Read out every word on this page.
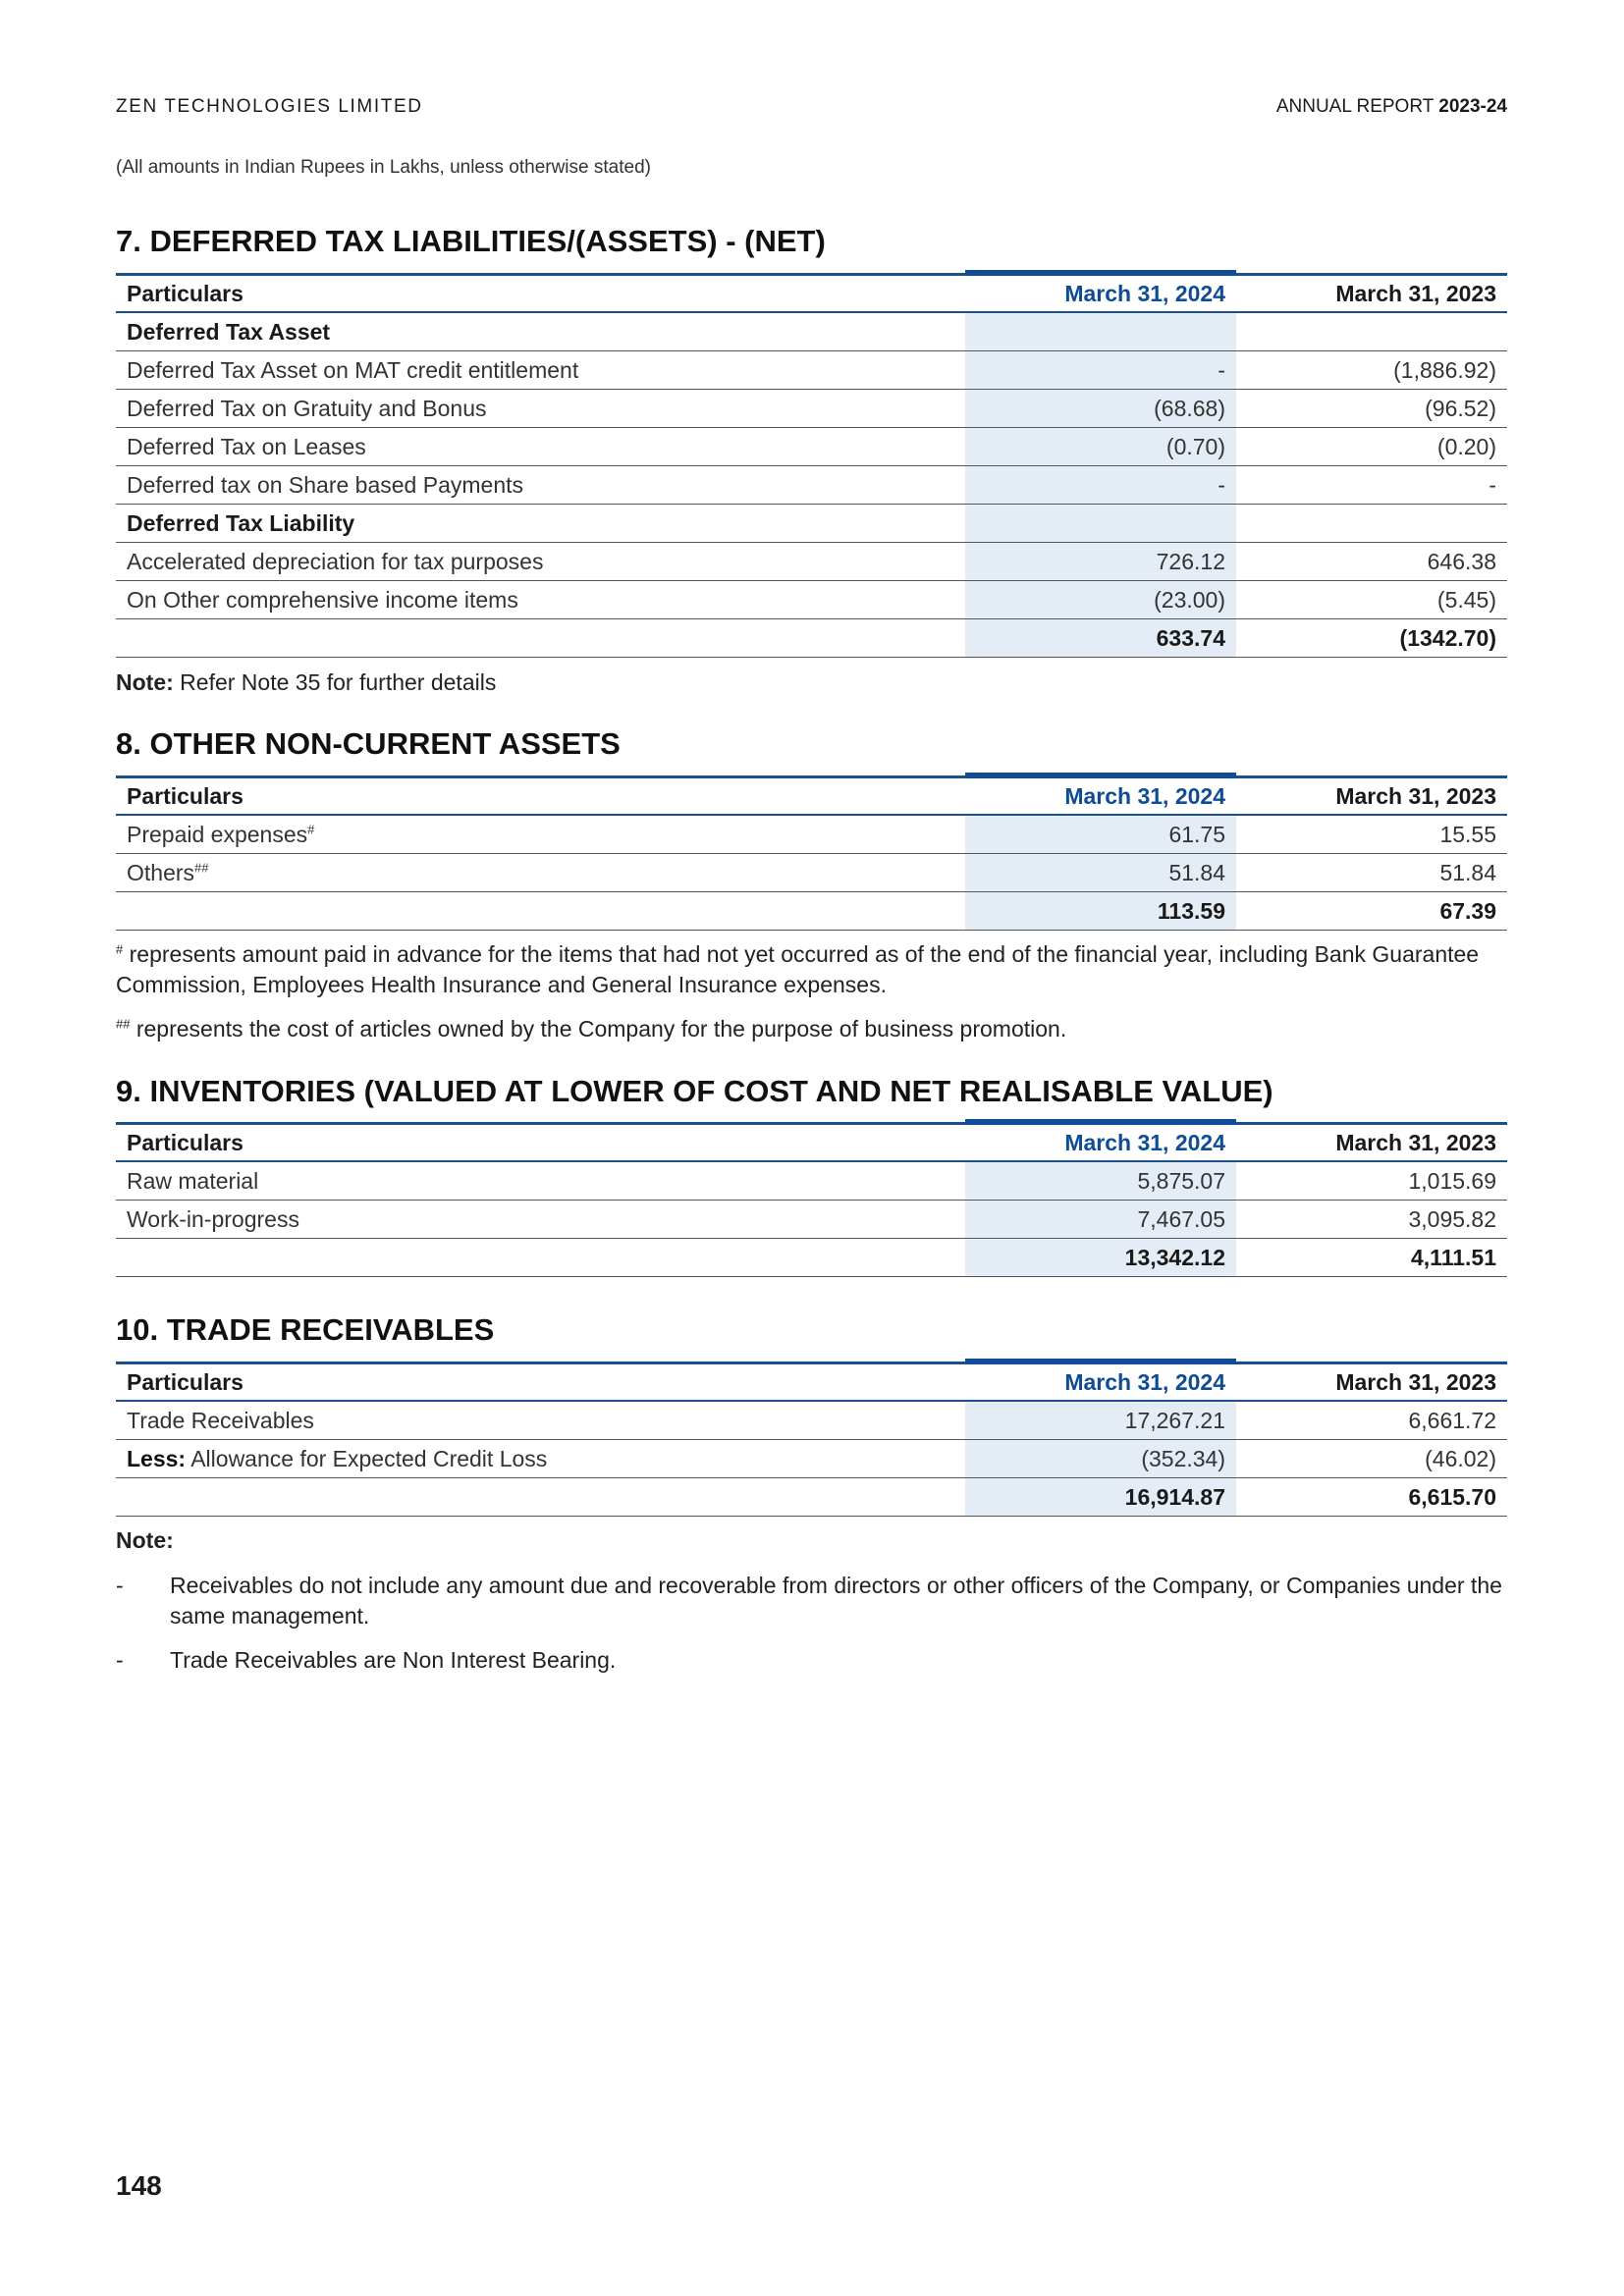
ZEN TECHNOLOGIES LIMITED	ANNUAL REPORT 2023-24
(All amounts in Indian Rupees in Lakhs, unless otherwise stated)
7. DEFERRED TAX LIABILITIES/(ASSETS) - (NET)
Particulars	March 31, 2024	March 31, 2023
Deferred Tax Asset		
Deferred Tax Asset on MAT credit entitlement	-	(1,886.92)
Deferred Tax on Gratuity and Bonus	(68.68)	(96.52)
Deferred Tax on Leases	(0.70)	(0.20)
Deferred tax on Share based Payments	-	-
Deferred Tax Liability		
Accelerated depreciation for tax purposes	726.12	646.38
On Other comprehensive income items	(23.00)	(5.45)
	633.74	(1342.70)
Note: Refer Note 35 for further details
8. OTHER NON-CURRENT ASSETS
Particulars	March 31, 2024	March 31, 2023
Prepaid expenses#	61.75	15.55
Others##	51.84	51.84
	113.59	67.39
# represents amount paid in advance for the items that had not yet occurred as of the end of the financial year, including Bank Guarantee Commission, Employees Health Insurance and General Insurance expenses.
## represents the cost of articles owned by the Company for the purpose of business promotion.
9. INVENTORIES (VALUED AT LOWER OF COST AND NET REALISABLE VALUE)
Particulars	March 31, 2024	March 31, 2023
Raw material	5,875.07	1,015.69
Work-in-progress	7,467.05	3,095.82
	13,342.12	4,111.51
10. TRADE RECEIVABLES
Particulars	March 31, 2024	March 31, 2023
Trade Receivables	17,267.21	6,661.72
Less: Allowance for Expected Credit Loss	(352.34)	(46.02)
	16,914.87	6,615.70
Note:
- Receivables do not include any amount due and recoverable from directors or other officers of the Company, or Companies under the same management.
- Trade Receivables are Non Interest Bearing.
148
